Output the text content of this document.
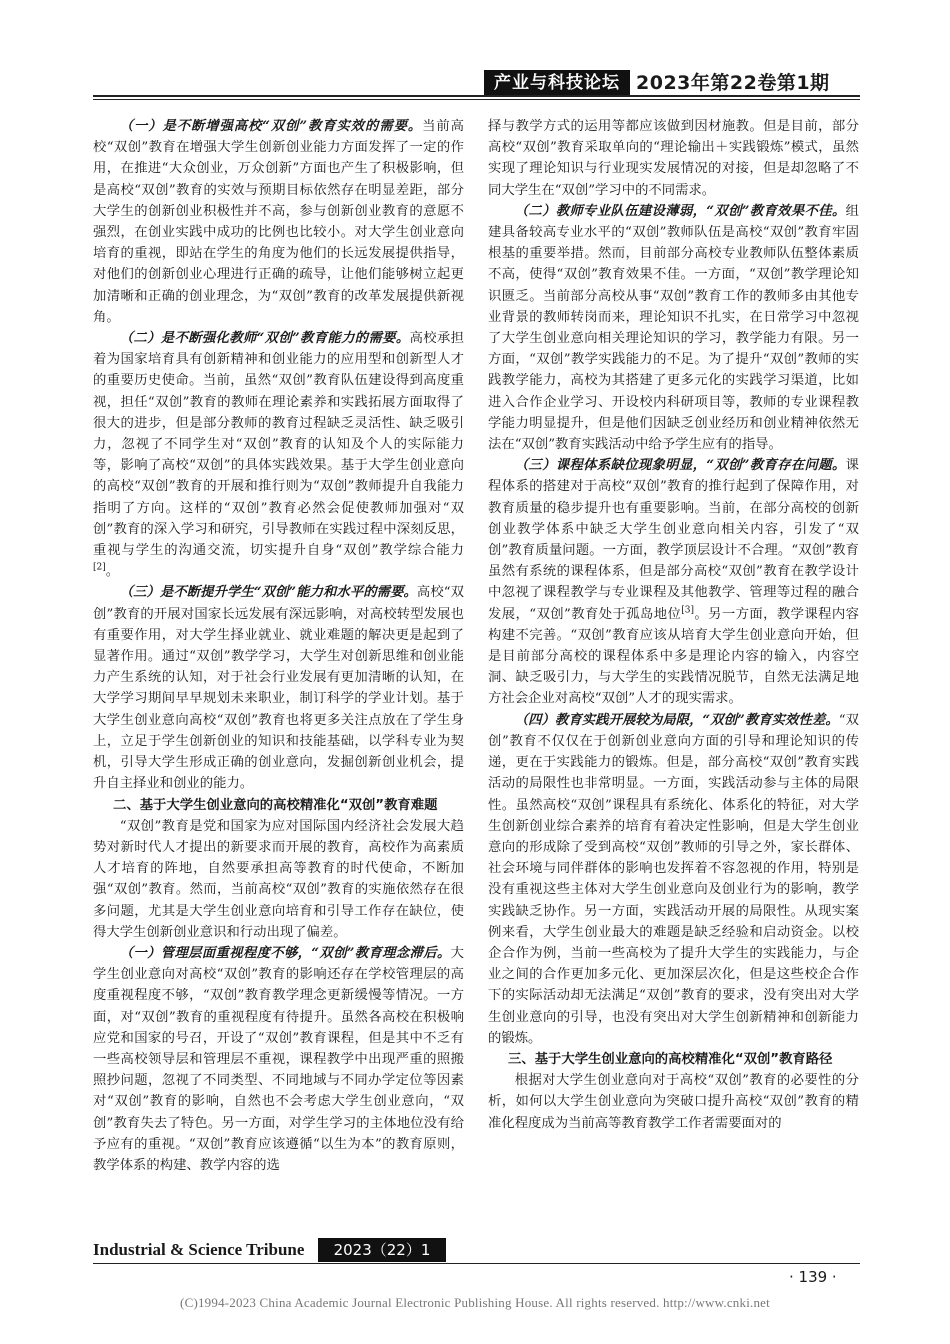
产业与科技论坛 2023年第22卷第1期

（一）是不断增强高校“双创”教育实效的需要。当前高校“双创”教育在增强大学生创新创业能力方面发挥了一定的作用，在推进“大众创业，万众创新”方面也产生了积极影响，但是高校“双创”教育的实效与预期目标依然存在明显差距，部分大学生的创新创业积极性并不高，参与创新创业教育的意愿不强烈，在创业实践中成功的比例也比较小。对大学生创业意向培育的重视，即站在学生的角度为他们的长远发展提供指导，对他们的创新创业心理进行正确的疏导，让他们能够树立起更加清晰和正确的创业理念，为“双创”教育的改革发展提供新视角。

（二）是不断强化教师“双创”教育能力的需要。高校承担着为国家培育具有创新精神和创业能力的应用型和创新型人才的重要历史使命。当前，虽然“双创”教育队伍建设得到高度重视，担任“双创”教育的教师在理论素养和实践拓展方面取得了很大的进步，但是部分教师的教育过程缺乏灵活性、缺乏吸引力，忽视了不同学生对“双创”教育的认知及个人的实际能力等，影响了高校“双创”的具体实践效果。基于大学生创业意向的高校“双创”教育的开展和推行则为“双创”教师提升自我能力指明了方向。这样的“双创”教育必然会促使教师加强对“双创”教育的深入学习和研究，引导教师在实践过程中深刻反思，重视与学生的沟通交流，切实提升自身“双创”教学综合能力[2]。

（三）是不断提升学生“双创”能力和水平的需要。高校“双创”教育的开展对国家长远发展有深远影响，对高校转型发展也有重要作用，对大学生择业就业、就业难题的解决更是起到了显著作用。通过“双创”教学学习，大学生对创新思维和创业能力产生系统的认知，对于社会行业发展有更加清晰的认知，在大学学习期间早早规划未来职业，制订科学的学业计划。基于大学生创业意向高校“双创”教育也将更多关注点放在了学生身上，立足于学生创新创业的知识和技能基础，以学科专业为契机，引导大学生形成正确的创业意向，发掘创新创业机会，提升自主择业和创业的能力。

二、基于大学生创业意向的高校精准化“双创”教育难题

“双创”教育是党和国家为应对国际国内经济社会发展大趋势对新时代人才提出的新要求而开展的教育，高校作为高素质人才培育的阵地，自然要承担高等教育的时代使命，不断加强“双创”教育。然而，当前高校“双创”教育的实施依然存在很多问题，尤其是大学生创业意向培育和引导工作存在缺位，使得大学生创新创业意识和行动出现了偏差。

（一）管理层面重视程度不够，“双创”教育理念滞后。大学生创业意向对高校“双创”教育的影响还存在学校管理层的高度重视程度不够，“双创”教育教学理念更新缓慢等情况。一方面，对“双创”教育的重视程度有待提升。虽然各高校在积极响应党和国家的号召，开设了“双创”教育课程，但是其中不乏有一些高校领导层和管理层不重视，课程教学中出现严重的照搬照抄问题，忽视了不同类型、不同地域与不同办学定位等因素对“双创”教育的影响，自然也不会考虑大学生创业意向，“双创”教育失去了特色。另一方面，对学生学习的主体地位没有给予应有的重视。“双创”教育应该遵循“以生为本”的教育原则，教学体系的构建、教学内容的选

择与教学方式的运用等都应该做到因材施教。但是目前，部分高校“双创”教育采取单向的“理论输出＋实践锻炼”模式，虽然实现了理论知识与行业现实发展情况的对接，但是却忽略了不同大学生在“双创”学习中的不同需求。

（二）教师专业队伍建设薄弱，“双创”教育效果不佳。组建具备较高专业水平的“双创”教师队伍是高校“双创”教育牢固根基的重要举措。然而，目前部分高校专业教师队伍整体素质不高，使得“双创”教育效果不佳。一方面，“双创”教学理论知识匮乏。当前部分高校从事“双创”教育工作的教师多由其他专业背景的教师转岗而来，理论知识不扎实，在日常学习中忽视了大学生创业意向相关理论知识的学习，教学能力有限。另一方面，“双创”教学实践能力的不足。为了提升“双创”教师的实践教学能力，高校为其搭建了更多元化的实践学习渠道，比如进入合作企业学习、开设校内科研项目等，教师的专业课程教学能力明显提升，但是他们因缺乏创业经历和创业精神依然无法在“双创”教育实践活动中给予学生应有的指导。

（三）课程体系缺位现象明显，“双创”教育存在问题。课程体系的搭建对于高校“双创”教育的推行起到了保障作用，对教育质量的稳步提升也有重要影响。当前，在部分高校的创新创业教学体系中缺乏大学生创业意向相关内容，引发了“双创”教育质量问题。一方面，教学顶层设计不合理。“双创”教育虽然有系统的课程体系，但是部分高校“双创”教育在教学设计中忽视了课程教学与专业课程及其他教学、管理等过程的融合发展，“双创”教育处于孤岛地位[3]。另一方面，教学课程内容构建不完善。“双创”教育应该从培育大学生创业意向开始，但是目前部分高校的课程体系中多是理论内容的输入，内容空洞、缺乏吸引力，与大学生的实践情况脱节，自然无法满足地方社会企业对高校“双创”人才的现实需求。

（四）教育实践开展较为局限，“双创”教育实效性差。“双创”教育不仅仅在于创新创业意向方面的引导和理论知识的传递，更在于实践能力的锻炼。但是，部分高校“双创”教育实践活动的局限性也非常明显。一方面，实践活动参与主体的局限性。虽然高校“双创”课程具有系统化、体系化的特征，对大学生创新创业综合素养的培育有着决定性影响，但是大学生创业意向的形成除了受到高校“双创”教师的引导之外，家长群体、社会环境与同伴群体的影响也发挥着不容忽视的作用，特别是没有重视这些主体对大学生创业意向及创业行为的影响，教学实践缺乏协作。另一方面，实践活动开展的局限性。从现实案例来看，大学生创业最大的难题是缺乏经验和启动资金。以校企合作为例，当前一些高校为了提升大学生的实践能力，与企业之间的合作更加多元化、更加深层次化，但是这些校企合作下的实际活动却无法满足“双创”教育的要求，没有突出对大学生创业意向的引导，也没有突出对大学生创新精神和创新能力的锻炼。

三、基于大学生创业意向的高校精准化“双创”教育路径

根据对大学生创业意向对于高校“双创”教育的必要性的分析，如何以大学生创业意向为突破口提升高校“双创”教育的精准化程度成为当前高等教育教学工作者需要面对的

Industrial & Science Tribune	2023（22）1
· 139 ·
(C)1994-2023 China Academic Journal Electronic Publishing House. All rights reserved. http://www.cnki.net
